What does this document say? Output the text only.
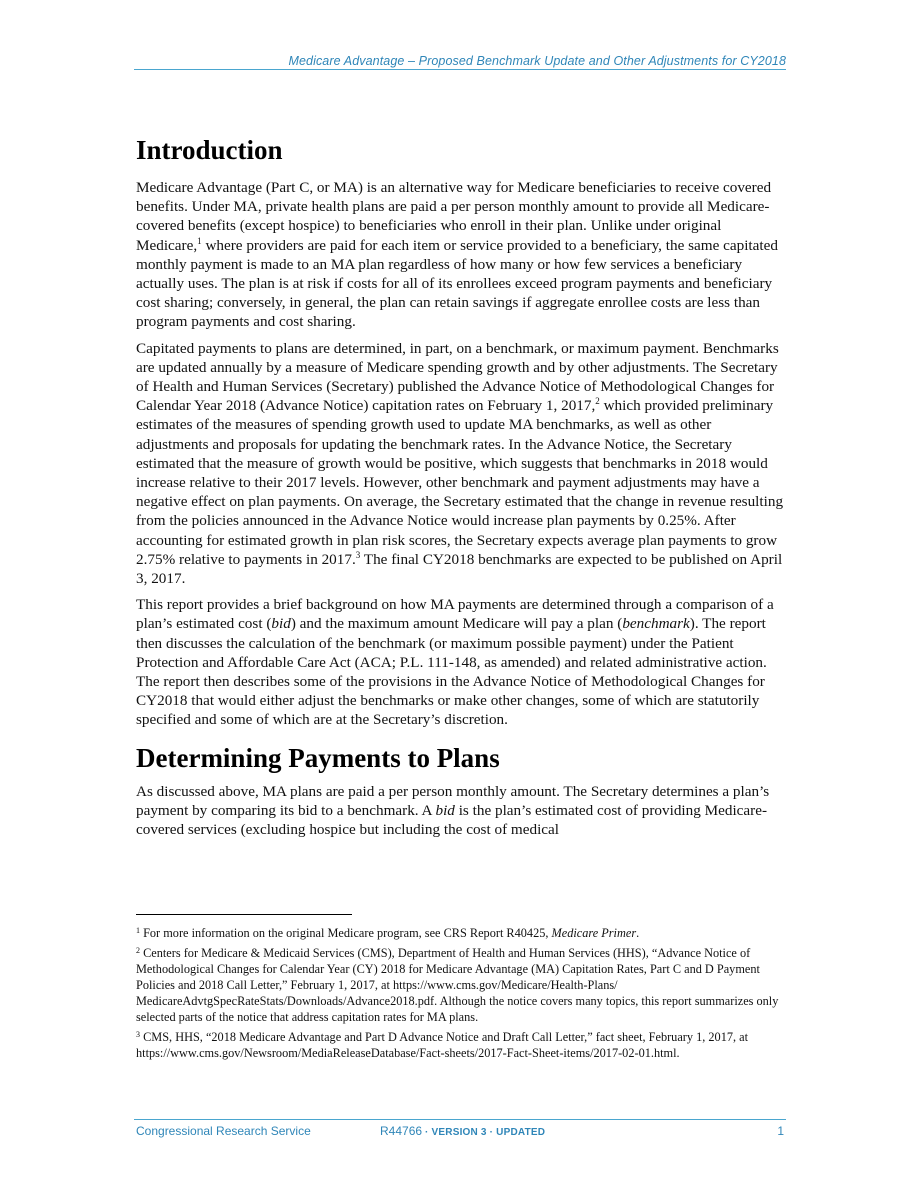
Medicare Advantage – Proposed Benchmark Update and Other Adjustments for CY2018
Introduction

Medicare Advantage (Part C, or MA) is an alternative way for Medicare beneficiaries to receive covered benefits. Under MA, private health plans are paid a per person monthly amount to provide all Medicare-covered benefits (except hospice) to beneficiaries who enroll in their plan. Unlike under original Medicare,$^1$ where providers are paid for each item or service provided to a beneficiary, the same capitated monthly payment is made to an MA plan regardless of how many or how few services a beneficiary actually uses. The plan is at risk if costs for all of its enrollees exceed program payments and beneficiary cost sharing; conversely, in general, the plan can retain savings if aggregate enrollee costs are less than program payments and cost sharing.

Capitated payments to plans are determined, in part, on a benchmark, or maximum payment. Benchmarks are updated annually by a measure of Medicare spending growth and by other adjustments. The Secretary of Health and Human Services (Secretary) published the Advance Notice of Methodological Changes for Calendar Year 2018 (Advance Notice) capitation rates on February 1, 2017,$^2$ which provided preliminary estimates of the measures of spending growth used to update MA benchmarks, as well as other adjustments and proposals for updating the benchmark rates. In the Advance Notice, the Secretary estimated that the measure of growth would be positive, which suggests that benchmarks in 2018 would increase relative to their 2017 levels. However, other benchmark and payment adjustments may have a negative effect on plan payments. On average, the Secretary estimated that the change in revenue resulting from the policies announced in the Advance Notice would increase plan payments by 0.25%. After accounting for estimated growth in plan risk scores, the Secretary expects average plan payments to grow 2.75% relative to payments in 2017.$^3$ The final CY2018 benchmarks are expected to be published on April 3, 2017.

This report provides a brief background on how MA payments are determined through a comparison of a plan’s estimated cost (bid) and the maximum amount Medicare will pay a plan (benchmark). The report then discusses the calculation of the benchmark (or maximum possible payment) under the Patient Protection and Affordable Care Act (ACA; P.L. 111-148, as amended) and related administrative action. The report then describes some of the provisions in the Advance Notice of Methodological Changes for CY2018 that would either adjust the benchmarks or make other changes, some of which are statutorily specified and some of which are at the Secretary’s discretion.

Determining Payments to Plans

As discussed above, MA plans are paid a per person monthly amount. The Secretary determines a plan’s payment by comparing its bid to a benchmark. A bid is the plan’s estimated cost of providing Medicare-covered services (excluding hospice but including the cost of medical

$^1$ For more information on the original Medicare program, see CRS Report R40425, Medicare Primer.

$^2$ Centers for Medicare & Medicaid Services (CMS), Department of Health and Human Services (HHS), “Advance Notice of Methodological Changes for Calendar Year (CY) 2018 for Medicare Advantage (MA) Capitation Rates, Part C and D Payment Policies and 2018 Call Letter,” February 1, 2017, at https://www.cms.gov/Medicare/Health-Plans/ MedicareAdvtgSpecRateStats/Downloads/Advance2018.pdf. Although the notice covers many topics, this report summarizes only selected parts of the notice that address capitation rates for MA plans.

$^3$ CMS, HHS, “2018 Medicare Advantage and Part D Advance Notice and Draft Call Letter,” fact sheet, February 1, 2017, at https://www.cms.gov/Newsroom/MediaReleaseDatabase/Fact-sheets/2017-Fact-Sheet-items/2017-02-01.html.

Congressional Research Service	R44766 · VERSION 3 · UPDATED	1
